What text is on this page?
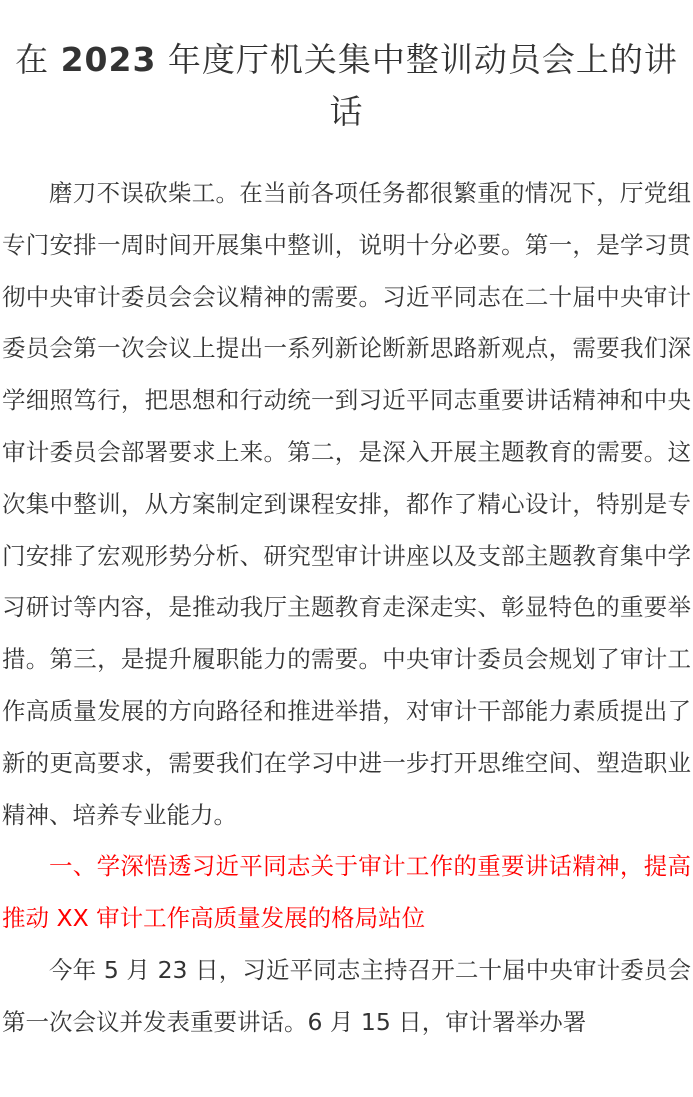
在 2023 年度厅机关集中整训动员会上的讲话

磨刀不误砍柴工。在当前各项任务都很繁重的情况下，厅党组专门安排一周时间开展集中整训，说明十分必要。第一，是学习贯彻中央审计委员会会议精神的需要。习近平同志在二十届中央审计委员会第一次会议上提出一系列新论断新思路新观点，需要我们深学细照笃行，把思想和行动统一到习近平同志重要讲话精神和中央审计委员会部署要求上来。第二，是深入开展主题教育的需要。这次集中整训，从方案制定到课程安排，都作了精心设计，特别是专门安排了宏观形势分析、研究型审计讲座以及支部主题教育集中学习研讨等内容，是推动我厅主题教育走深走实、彰显特色的重要举措。第三，是提升履职能力的需要。中央审计委员会规划了审计工作高质量发展的方向路径和推进举措，对审计干部能力素质提出了新的更高要求，需要我们在学习中进一步打开思维空间、塑造职业精神、培养专业能力。

一、学深悟透习近平同志关于审计工作的重要讲话精神，提高推动 XX 审计工作高质量发展的格局站位

今年 5 月 23 日，习近平同志主持召开二十届中央审计委员会第一次会议并发表重要讲话。6 月 15 日，审计署举办署
